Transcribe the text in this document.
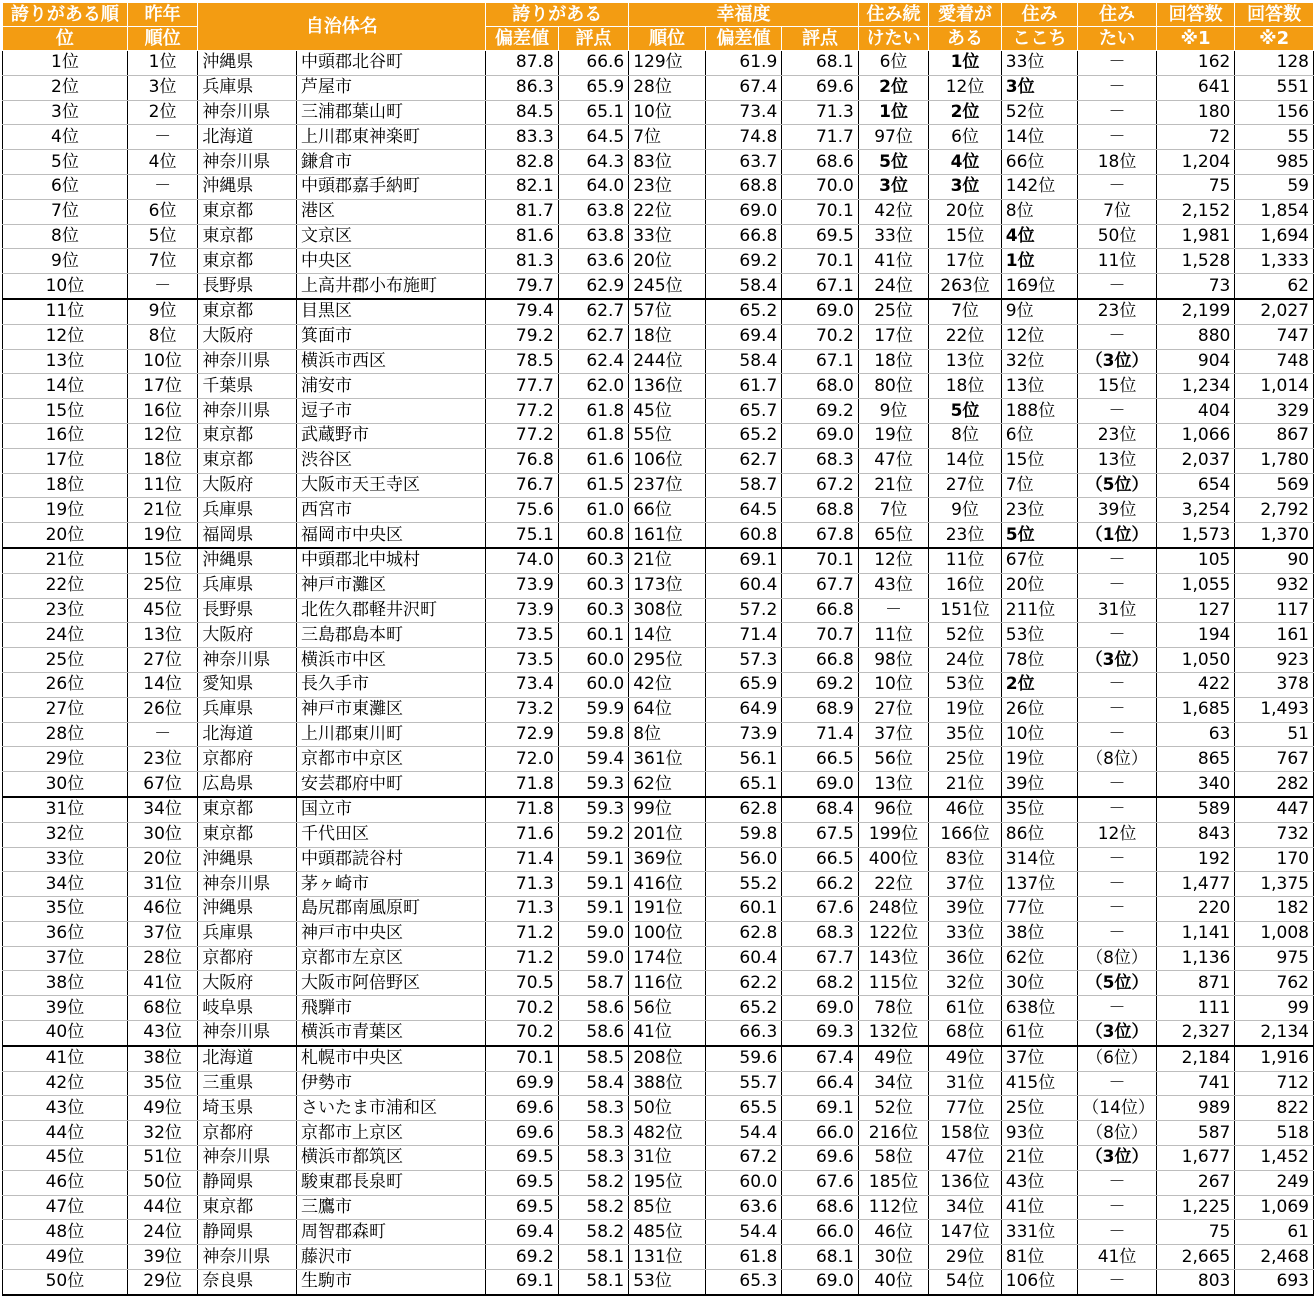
誇りがある順	昨年	自治体名		誇りがある		幸福度			住み続	愛着が	住み	住み	回答数	回答数
位	順位			偏差値	評点	順位	偏差値	評点	けたい	ある	ここち	たい	※1	※2
1位	1位	沖縄県	中頭郡北谷町	87.8	66.6	129位	61.9	68.1	6位	1位	33位	－	162	128
2位	3位	兵庫県	芦屋市	86.3	65.9	28位	67.4	69.6	2位	12位	3位	－	641	551
3位	2位	神奈川県	三浦郡葉山町	84.5	65.1	10位	73.4	71.3	1位	2位	52位	－	180	156
4位	－	北海道	上川郡東神楽町	83.3	64.5	7位	74.8	71.7	97位	6位	14位	－	72	55
5位	4位	神奈川県	鎌倉市	82.8	64.3	83位	63.7	68.6	5位	4位	66位	18位	1,204	985
6位	－	沖縄県	中頭郡嘉手納町	82.1	64.0	23位	68.8	70.0	3位	3位	142位	－	75	59
7位	6位	東京都	港区	81.7	63.8	22位	69.0	70.1	42位	20位	8位	7位	2,152	1,854
8位	5位	東京都	文京区	81.6	63.8	33位	66.8	69.5	33位	15位	4位	50位	1,981	1,694
9位	7位	東京都	中央区	81.3	63.6	20位	69.2	70.1	41位	17位	1位	11位	1,528	1,333
10位	－	長野県	上高井郡小布施町	79.7	62.9	245位	58.4	67.1	24位	263位	169位	－	73	62
11位	9位	東京都	目黒区	79.4	62.7	57位	65.2	69.0	25位	7位	9位	23位	2,199	2,027
12位	8位	大阪府	箕面市	79.2	62.7	18位	69.4	70.2	17位	22位	12位	－	880	747
13位	10位	神奈川県	横浜市西区	78.5	62.4	244位	58.4	67.1	18位	13位	32位	（3位）	904	748
14位	17位	千葉県	浦安市	77.7	62.0	136位	61.7	68.0	80位	18位	13位	15位	1,234	1,014
15位	16位	神奈川県	逗子市	77.2	61.8	45位	65.7	69.2	9位	5位	188位	－	404	329
16位	12位	東京都	武蔵野市	77.2	61.8	55位	65.2	69.0	19位	8位	6位	23位	1,066	867
17位	18位	東京都	渋谷区	76.8	61.6	106位	62.7	68.3	47位	14位	15位	13位	2,037	1,780
18位	11位	大阪府	大阪市天王寺区	76.7	61.5	237位	58.7	67.2	21位	27位	7位	（5位）	654	569
19位	21位	兵庫県	西宮市	75.6	61.0	66位	64.5	68.8	7位	9位	23位	39位	3,254	2,792
20位	19位	福岡県	福岡市中央区	75.1	60.8	161位	60.8	67.8	65位	23位	5位	（1位）	1,573	1,370
21位	15位	沖縄県	中頭郡北中城村	74.0	60.3	21位	69.1	70.1	12位	11位	67位	－	105	90
22位	25位	兵庫県	神戸市灘区	73.9	60.3	173位	60.4	67.7	43位	16位	20位	－	1,055	932
23位	45位	長野県	北佐久郡軽井沢町	73.9	60.3	308位	57.2	66.8	－	151位	211位	31位	127	117
24位	13位	大阪府	三島郡島本町	73.5	60.1	14位	71.4	70.7	11位	52位	53位	－	194	161
25位	27位	神奈川県	横浜市中区	73.5	60.0	295位	57.3	66.8	98位	24位	78位	（3位）	1,050	923
26位	14位	愛知県	長久手市	73.4	60.0	42位	65.9	69.2	10位	53位	2位	－	422	378
27位	26位	兵庫県	神戸市東灘区	73.2	59.9	64位	64.9	68.9	27位	19位	26位	－	1,685	1,493
28位	－	北海道	上川郡東川町	72.9	59.8	8位	73.9	71.4	37位	35位	10位	－	63	51
29位	23位	京都府	京都市中京区	72.0	59.4	361位	56.1	66.5	56位	25位	19位	（8位）	865	767
30位	67位	広島県	安芸郡府中町	71.8	59.3	62位	65.1	69.0	13位	21位	39位	－	340	282
31位	34位	東京都	国立市	71.8	59.3	99位	62.8	68.4	96位	46位	35位	－	589	447
32位	30位	東京都	千代田区	71.6	59.2	201位	59.8	67.5	199位	166位	86位	12位	843	732
33位	20位	沖縄県	中頭郡読谷村	71.4	59.1	369位	56.0	66.5	400位	83位	314位	－	192	170
34位	31位	神奈川県	茅ヶ崎市	71.3	59.1	416位	55.2	66.2	22位	37位	137位	－	1,477	1,375
35位	46位	沖縄県	島尻郡南風原町	71.3	59.1	191位	60.1	67.6	248位	39位	77位	－	220	182
36位	37位	兵庫県	神戸市中央区	71.2	59.0	100位	62.8	68.3	122位	33位	38位	－	1,141	1,008
37位	28位	京都府	京都市左京区	71.2	59.0	174位	60.4	67.7	143位	36位	62位	（8位）	1,136	975
38位	41位	大阪府	大阪市阿倍野区	70.5	58.7	116位	62.2	68.2	115位	32位	30位	（5位）	871	762
39位	68位	岐阜県	飛騨市	70.2	58.6	56位	65.2	69.0	78位	61位	638位	－	111	99
40位	43位	神奈川県	横浜市青葉区	70.2	58.6	41位	66.3	69.3	132位	68位	61位	（3位）	2,327	2,134
41位	38位	北海道	札幌市中央区	70.1	58.5	208位	59.6	67.4	49位	49位	37位	（6位）	2,184	1,916
42位	35位	三重県	伊勢市	69.9	58.4	388位	55.7	66.4	34位	31位	415位	－	741	712
43位	49位	埼玉県	さいたま市浦和区	69.6	58.3	50位	65.5	69.1	52位	77位	25位	（14位）	989	822
44位	32位	京都府	京都市上京区	69.6	58.3	482位	54.4	66.0	216位	158位	93位	（8位）	587	518
45位	51位	神奈川県	横浜市都筑区	69.5	58.3	31位	67.2	69.6	58位	47位	21位	（3位）	1,677	1,452
46位	50位	静岡県	駿東郡長泉町	69.5	58.2	195位	60.0	67.6	185位	136位	43位	－	267	249
47位	44位	東京都	三鷹市	69.5	58.2	85位	63.6	68.6	112位	34位	41位	－	1,225	1,069
48位	24位	静岡県	周智郡森町	69.4	58.2	485位	54.4	66.0	46位	147位	331位	－	75	61
49位	39位	神奈川県	藤沢市	69.2	58.1	131位	61.8	68.1	30位	29位	81位	41位	2,665	2,468
50位	29位	奈良県	生駒市	69.1	58.1	53位	65.3	69.0	40位	54位	106位	－	803	693
